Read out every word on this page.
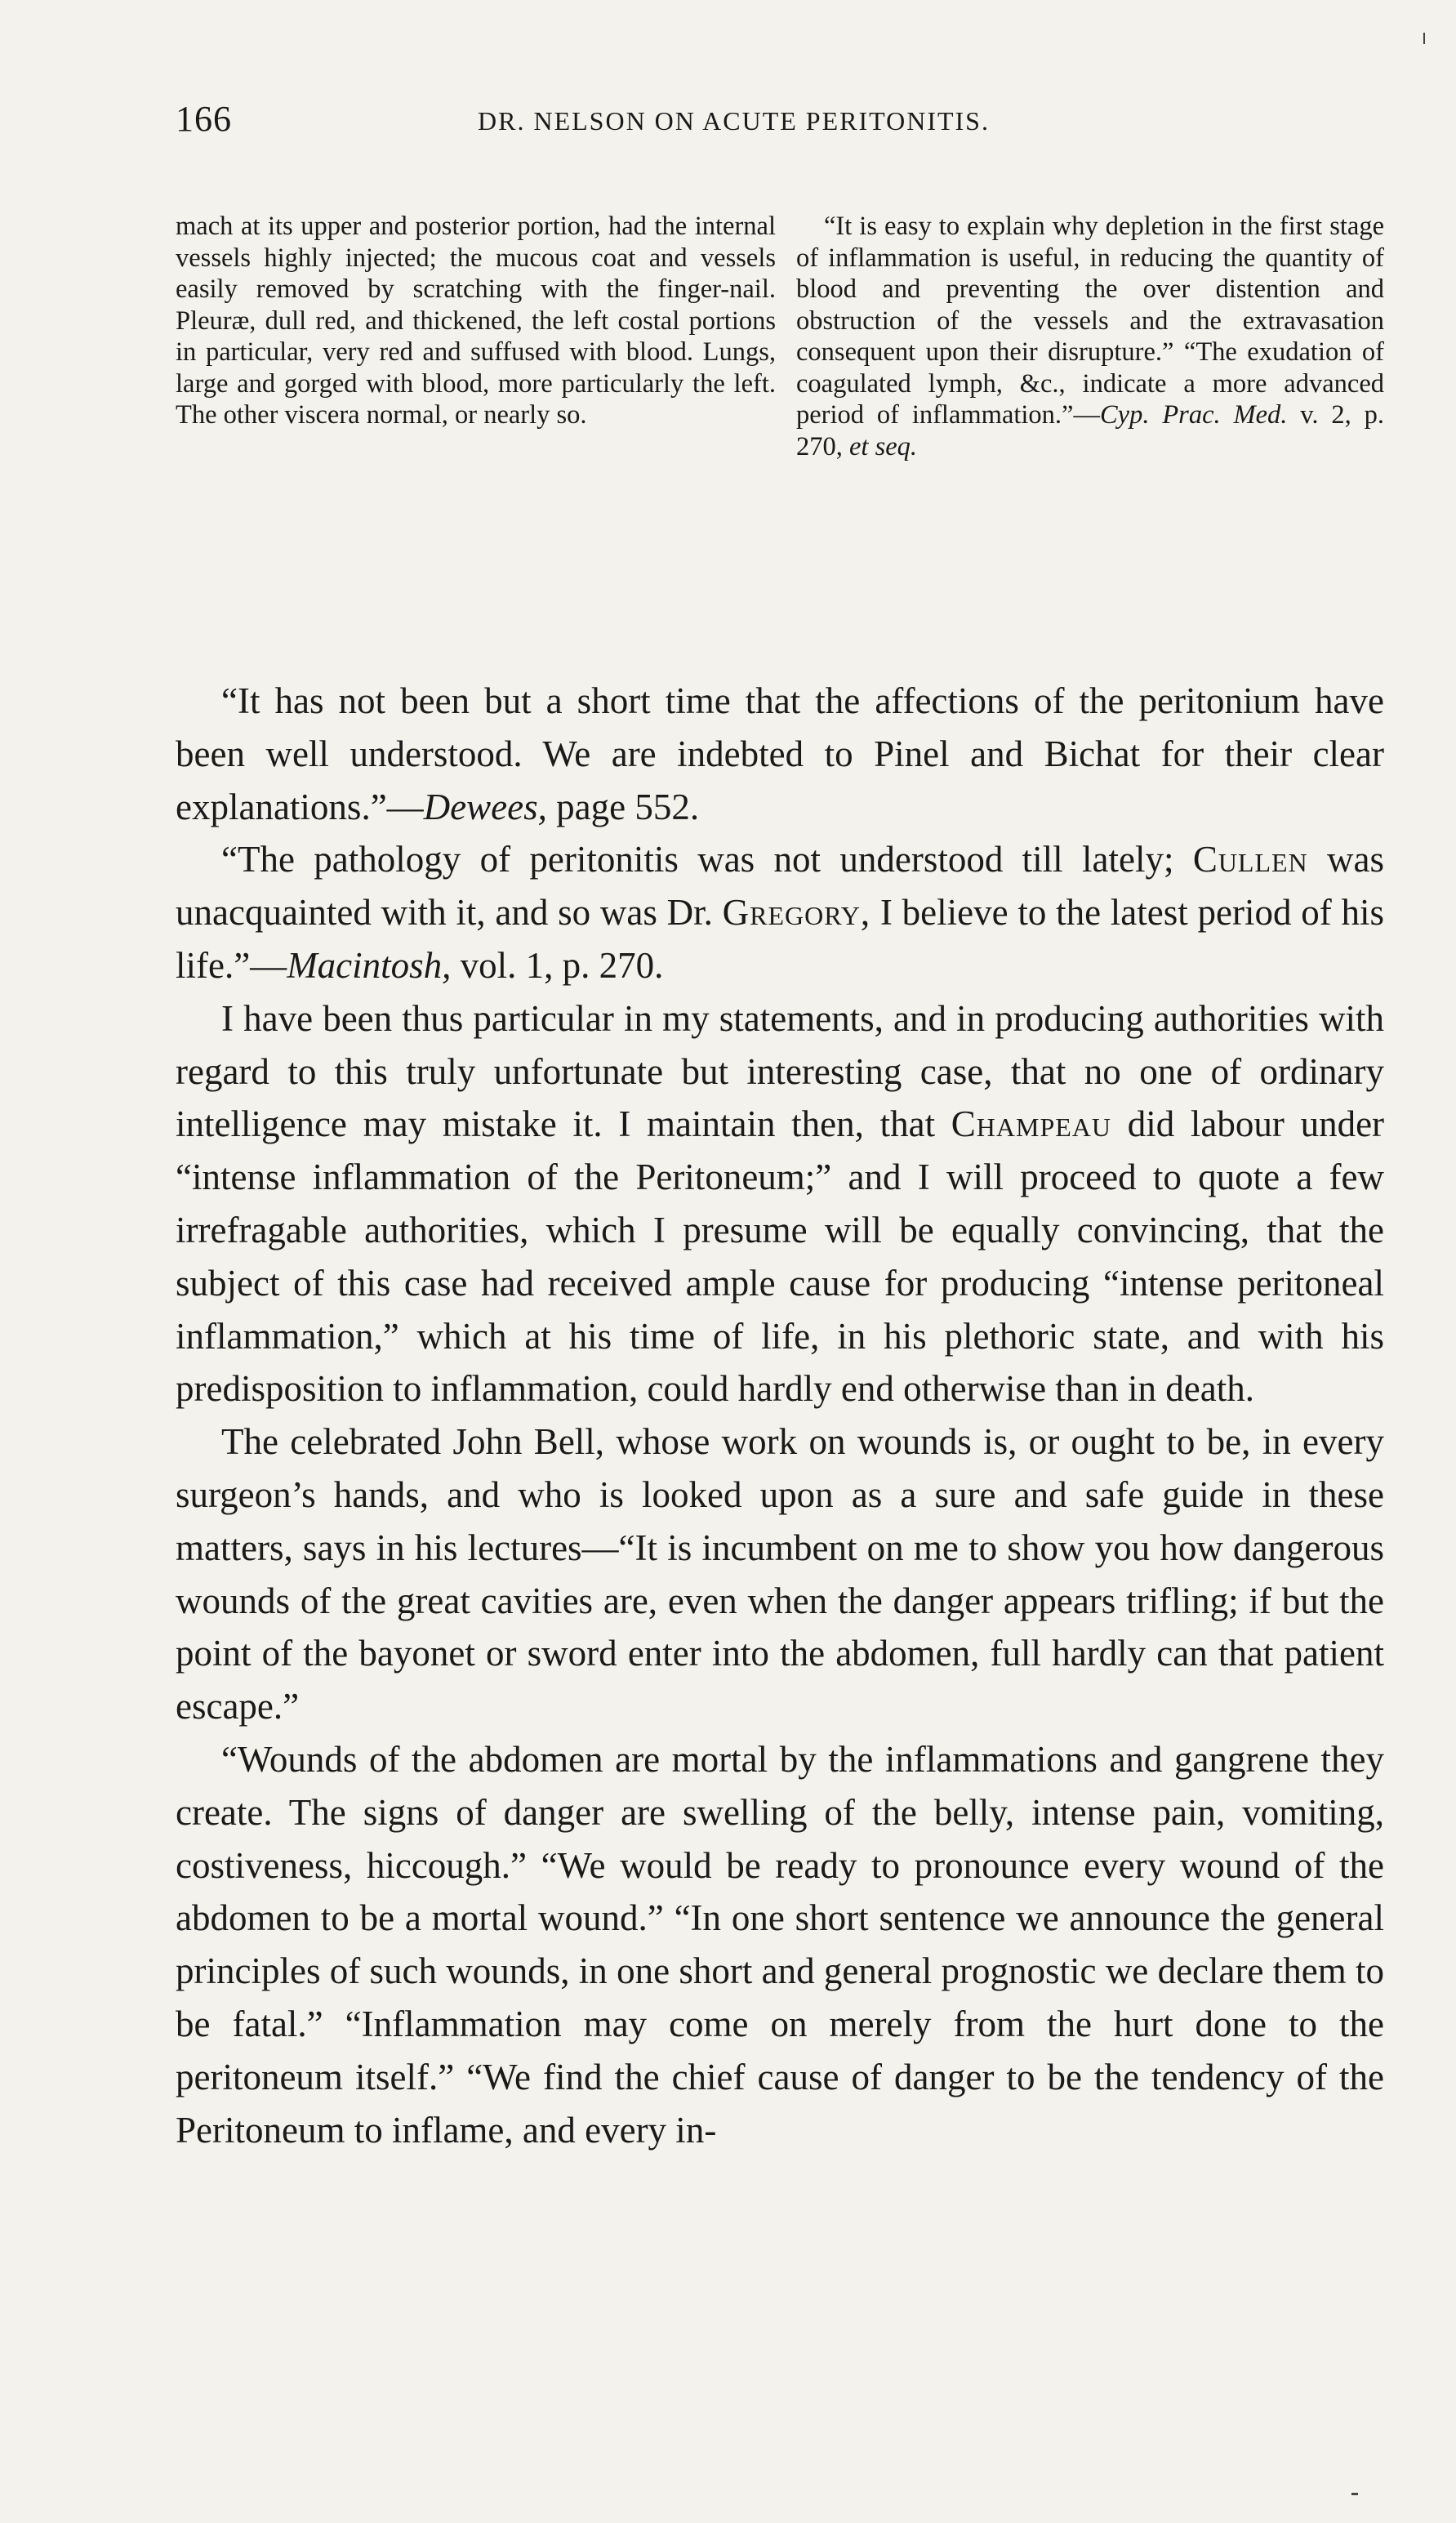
166	DR. NELSON ON ACUTE PERITONITIS.

mach at its upper and posterior portion, had the internal vessels highly injected; the mucous coat and vessels easily removed by scratching with the finger-nail. Pleuræ, dull red, and thickened, the left costal portions in particular, very red and suffused with blood. Lungs, large and gorged with blood, more particularly the left. The other viscera normal, or nearly so.

“It is easy to explain why depletion in the first stage of inflammation is useful, in reducing the quantity of blood and preventing the over distention and obstruction of the vessels and the extravasation consequent upon their disrupture.” “The exudation of coagulated lymph, &c., indicate a more advanced period of inflammation.”—Cyp. Prac. Med. v. 2, p. 270, et seq.

“It has not been but a short time that the affections of the peritonium have been well understood. We are indebted to Pinel and Bichat for their clear explanations.”—Dewees, page 552.

“The pathology of peritonitis was not understood till lately; Cullen was unacquainted with it, and so was Dr. Gregory, I believe to the latest period of his life.”—Macintosh, vol. 1, p. 270.

I have been thus particular in my statements, and in producing authorities with regard to this truly unfortunate but interesting case, that no one of ordinary intelligence may mistake it. I maintain then, that Champeau did labour under “intense inflammation of the Peritoneum;” and I will proceed to quote a few irrefragable authorities, which I presume will be equally convincing, that the subject of this case had received ample cause for producing “intense peritoneal inflammation,” which at his time of life, in his plethoric state, and with his predisposition to inflammation, could hardly end otherwise than in death.

The celebrated John Bell, whose work on wounds is, or ought to be, in every surgeon’s hands, and who is looked upon as a sure and safe guide in these matters, says in his lectures—“It is incumbent on me to show you how dangerous wounds of the great cavities are, even when the danger appears trifling; if but the point of the bayonet or sword enter into the abdomen, full hardly can that patient escape.”

“Wounds of the abdomen are mortal by the inflammations and gangrene they create. The signs of danger are swelling of the belly, intense pain, vomiting, costiveness, hiccough.” “We would be ready to pronounce every wound of the abdomen to be a mortal wound.” “In one short sentence we announce the general principles of such wounds, in one short and general prognostic we declare them to be fatal.” “Inflammation may come on merely from the hurt done to the peritoneum itself.” “We find the chief cause of danger to be the tendency of the Peritoneum to inflame, and every in-
